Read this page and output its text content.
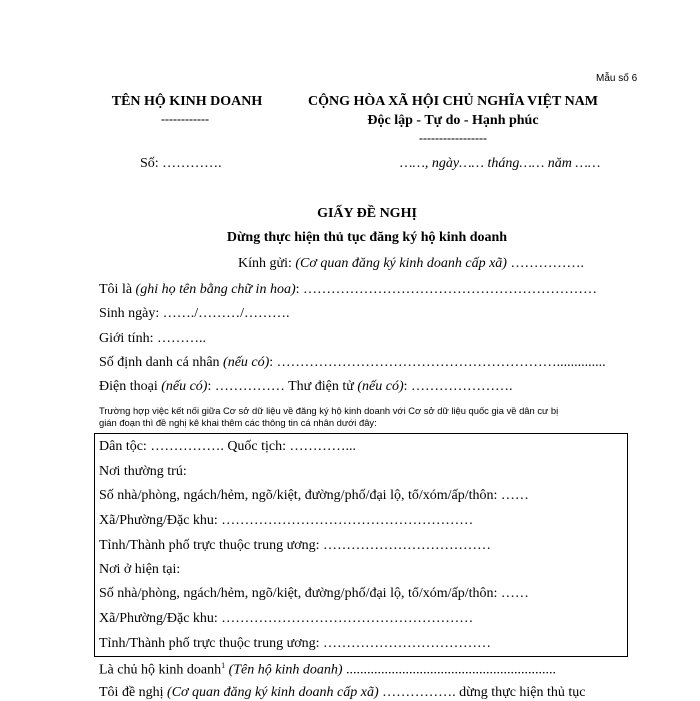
Mẫu số 6
TÊN HỘ KINH DOANH
------------
CỘNG HÒA XÃ HỘI CHỦ NGHĨA VIỆT NAM
Độc lập - Tự do - Hạnh phúc
-----------------
Số: ………….	……, ngày…… tháng…… năm ……
GIẤY ĐỀ NGHỊ
Dừng thực hiện thủ tục đăng ký hộ kinh doanh
Kính gửi: (Cơ quan đăng ký kinh doanh cấp xã) …………….
Tôi là (ghi họ tên bằng chữ in hoa): ………………………………………………………
Sinh ngày: ……./………/……….
Giới tính: ………..
Số định danh cá nhân (nếu có): ……………………………………………………..............
Điện thoại (nếu có): …………… Thư điện tử (nếu có): ………………….
Trường hợp việc kết nối giữa Cơ sở dữ liệu về đăng ký hộ kinh doanh với Cơ sở dữ liệu quốc gia về dân cư bị
gián đoạn thì đề nghị kê khai thêm các thông tin cá nhân dưới đây:
Dân tộc: ……………. Quốc tịch: …………...
Nơi thường trú:
Số nhà/phòng, ngách/hẻm, ngõ/kiệt, đường/phố/đại lộ, tổ/xóm/ấp/thôn: ……
Xã/Phường/Đặc khu: ………………………………………………
Tỉnh/Thành phố trực thuộc trung ương: ………………………………
Nơi ở hiện tại:
Số nhà/phòng, ngách/hẻm, ngõ/kiệt, đường/phố/đại lộ, tổ/xóm/ấp/thôn: ……
Xã/Phường/Đặc khu: ………………………………………………
Tỉnh/Thành phố trực thuộc trung ương: ………………………………
Là chủ hộ kinh doanh$^1$ (Tên hộ kinh doanh) ............................................................
Tôi đề nghị (Cơ quan đăng ký kinh doanh cấp xã) ……………. dừng thực hiện thủ tục
